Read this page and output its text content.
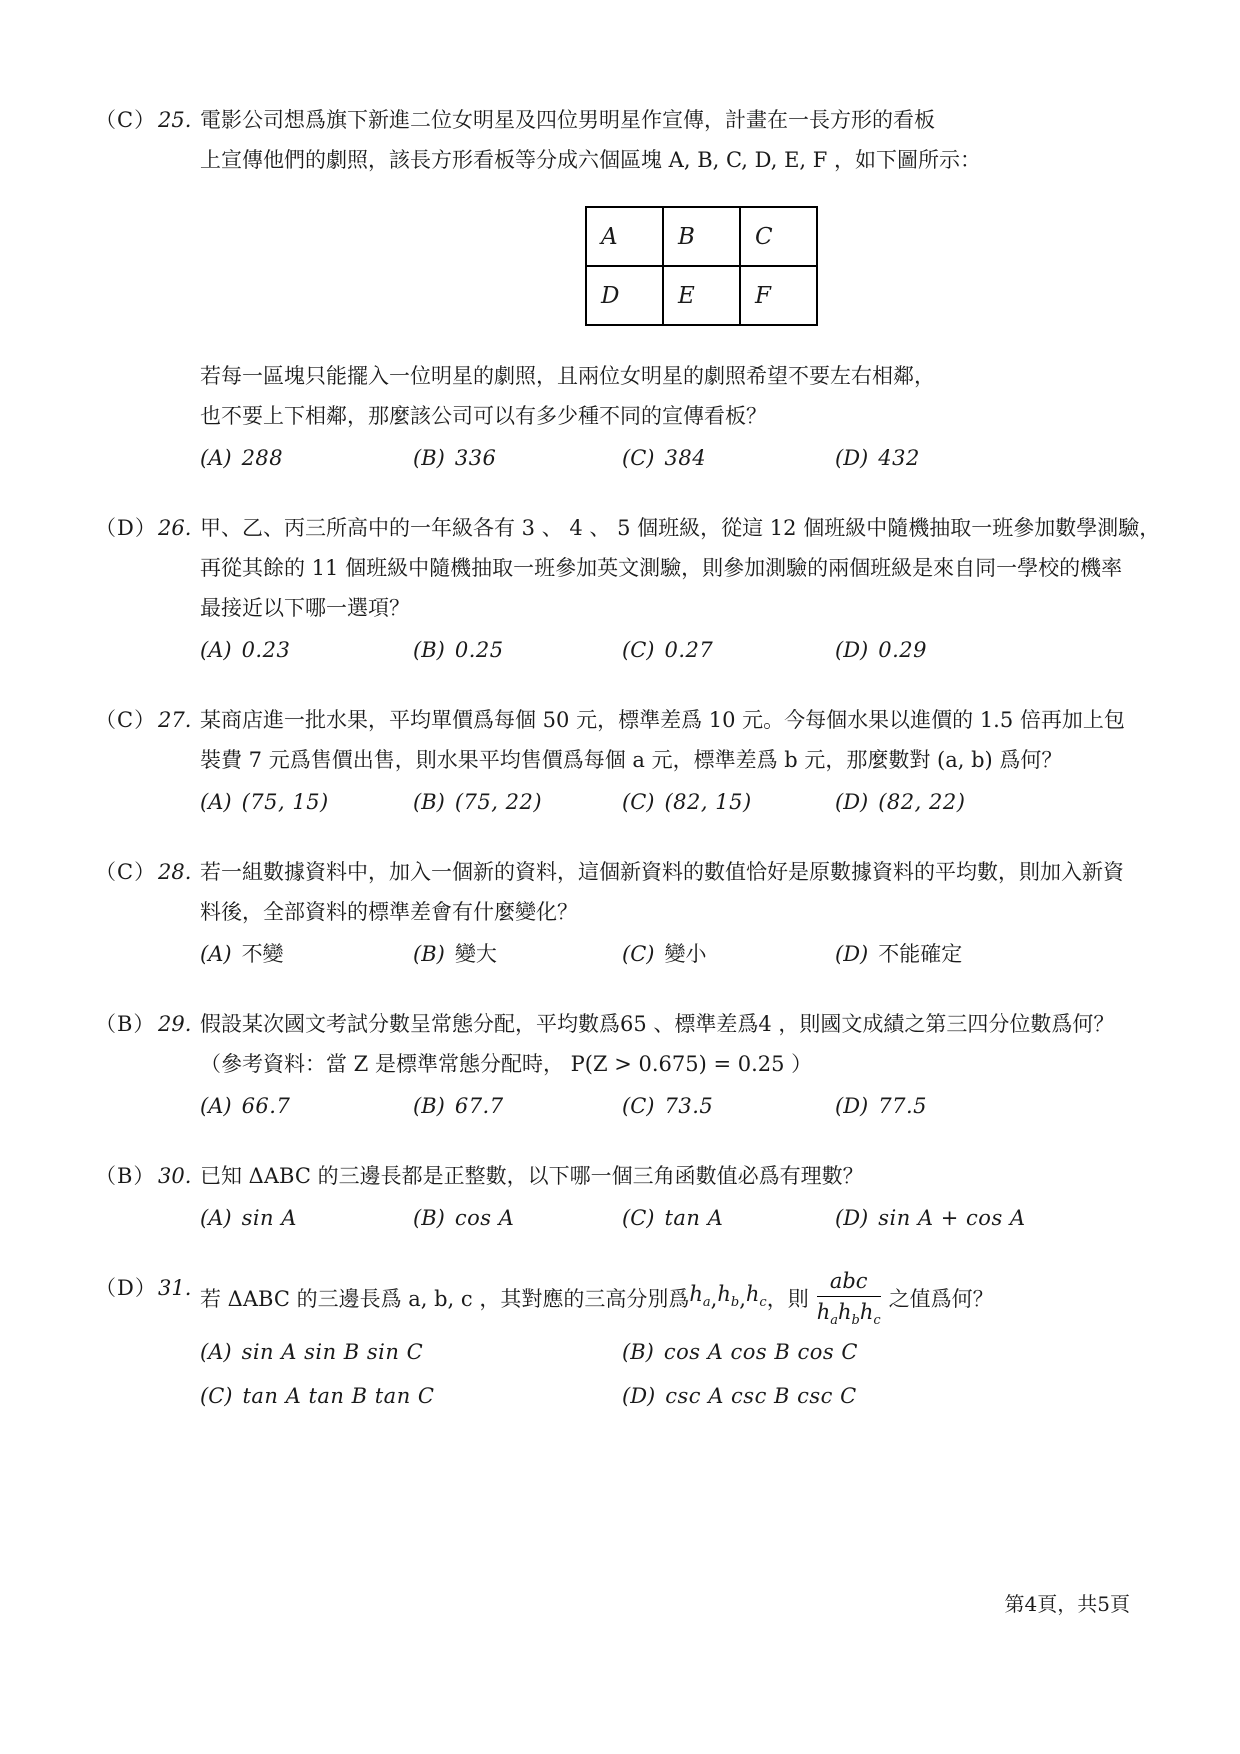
（C） 25. 電影公司想爲旗下新進二位女明星及四位男明星作宣傳，計畫在一長方形的看板
上宣傳他們的劇照，該長方形看板等分成六個區塊 A, B, C, D, E, F ，如下圖所示：
A	B	C
D	E	F
若每一區塊只能擺入一位明星的劇照，且兩位女明星的劇照希望不要左右相鄰，
也不要上下相鄰，那麼該公司可以有多少種不同的宣傳看板？
(A) 288	(B) 336	(C) 384	(D) 432
（D） 26. 甲、乙、丙三所高中的一年級各有 3 、 4 、 5 個班級，從這 12 個班級中隨機抽取一班參加數學測驗，
再從其餘的 11 個班級中隨機抽取一班參加英文測驗，則參加測驗的兩個班級是來自同一學校的機率
最接近以下哪一選項？
(A) 0.23	(B) 0.25	(C) 0.27	(D) 0.29
（C） 27. 某商店進一批水果，平均單價爲每個 50 元，標準差爲 10 元。今每個水果以進價的 1.5 倍再加上包
裝費 7 元爲售價出售，則水果平均售價爲每個 a 元，標準差爲 b 元，那麼數對 (a, b) 爲何？
(A) (75, 15)	(B) (75, 22)	(C) (82, 15)	(D) (82, 22)
（C） 28. 若一組數據資料中，加入一個新的資料，這個新資料的數值恰好是原數據資料的平均數，則加入新資
料後，全部資料的標準差會有什麼變化？
(A) 不變	(B) 變大	(C) 變小	(D) 不能確定
（B） 29. 假設某次國文考試分數呈常態分配，平均數爲65 、標準差爲4 ，則國文成績之第三四分位數爲何？
（參考資料：當 Z 是標準常態分配時， P(Z > 0.675) = 0.25 ）
(A) 66.7	(B) 67.7	(C) 73.5	(D) 77.5
（B） 30. 已知 ΔABC 的三邊長都是正整數，以下哪一個三角函數值必爲有理數？
(A) sin A	(B) cos A	(C) tan A	(D) sin A + cos A
（D） 31. 若 ΔABC 的三邊長爲 a, b, c ，其對應的三高分別爲 $h_a$ , $h_b$ , $h_c$ ，則 $\frac{\text{abc}}{h_ah_bh_c}$ 之值爲何？
(A) sin A sin B sin C	(B) cos A cos B cos C
(C) tan A tan B tan C	(D) csc A csc B csc C
第4頁，共5頁
